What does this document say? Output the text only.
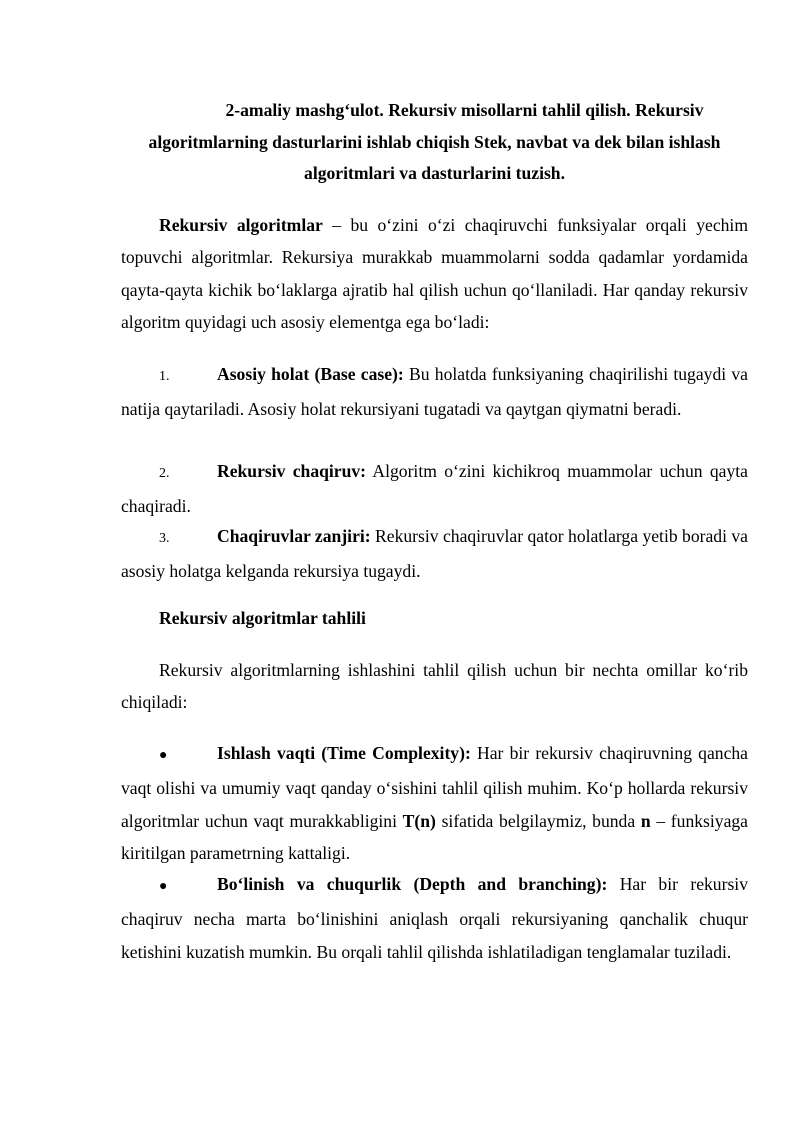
2-amaliy mashg‘ulot. Rekursiv misollarni tahlil qilish. Rekursiv
algoritmlarning dasturlarini ishlab chiqish Stek, navbat va dek bilan ishlash
algoritmlari va dasturlarini tuzish.

Rekursiv algoritmlar – bu o‘zini o‘zi chaqiruvchi funksiyalar orqali yechim topuvchi algoritmlar. Rekursiya murakkab muammolarni sodda qadamlar yordamida qayta-qayta kichik bo‘laklarga ajratib hal qilish uchun qo‘llaniladi. Har qanday rekursiv algoritm quyidagi uch asosiy elementga ega bo‘ladi:

1.	Asosiy holat (Base case): Bu holatda funksiyaning chaqirilishi tugaydi va natija qaytariladi. Asosiy holat rekursiyani tugatadi va qaytgan qiymatni beradi.

2.	Rekursiv chaqiruv: Algoritm o‘zini kichikroq muammolar uchun qayta chaqiradi.

3.	Chaqiruvlar zanjiri: Rekursiv chaqiruvlar qator holatlarga yetib boradi va asosiy holatga kelganda rekursiya tugaydi.

Rekursiv algoritmlar tahlili

Rekursiv algoritmlarning ishlashini tahlil qilish uchun bir nechta omillar ko‘rib chiqiladi:

●	Ishlash vaqti (Time Complexity): Har bir rekursiv chaqiruvning qancha vaqt olishi va umumiy vaqt qanday o‘sishini tahlil qilish muhim. Ko‘p hollarda rekursiv algoritmlar uchun vaqt murakkabligini T(n) sifatida belgilaymiz, bunda n – funksiyaga kiritilgan parametrning kattaligi.

●	Bo‘linish va chuqurlik (Depth and branching): Har bir rekursiv chaqiruv necha marta bo‘linishini aniqlash orqali rekursiyaning qanchalik chuqur ketishini kuzatish mumkin. Bu orqali tahlil qilishda ishlatiladigan tenglamalar tuziladi.
